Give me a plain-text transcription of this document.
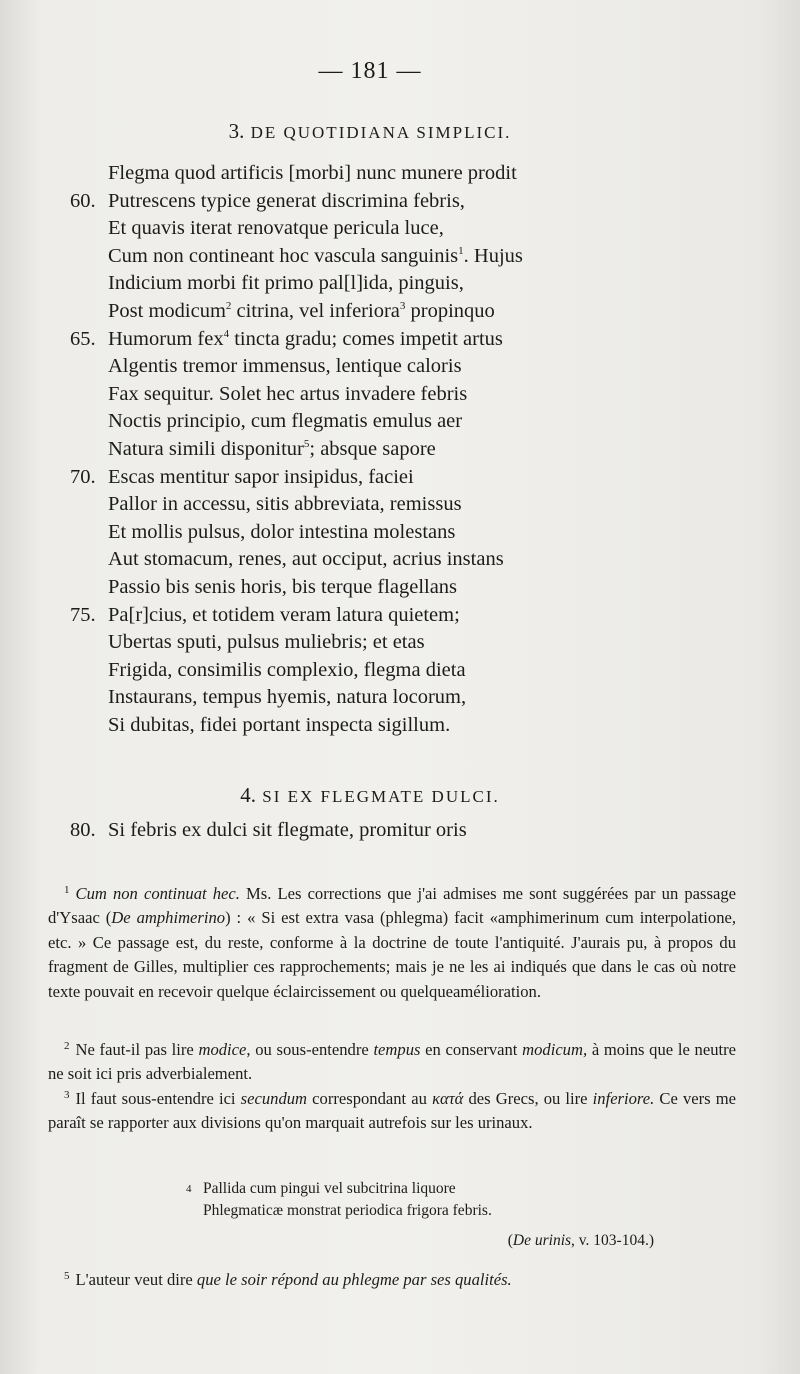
— 181 —
3. DE QUOTIDIANA SIMPLICI.
Flegma quod artificis [morbi] nunc munere prodit
60. Putrescens typice generat discrimina febris,
Et quavis iterat renovatque pericula luce,
Cum non contineant hoc vascula sanguinis$^1$. Hujus
Indicium morbi fit primo pal[l]ida, pinguis,
Post modicum$^2$ citrina, vel inferiora$^3$ propinquo
65. Humorum fex$^4$ tincta gradu; comes impetit artus
Algentis tremor immensus, lentique caloris
Fax sequitur. Solet hec artus invadere febris
Noctis principio, cum flegmatis emulus aer
Natura simili disponitur$^5$; absque sapore
70. Escas mentitur sapor insipidus, faciei
Pallor in accessu, sitis abbreviata, remissus
Et mollis pulsus, dolor intestina molestans
Aut stomacum, renes, aut occiput, acrius instans
Passio bis senis horis, bis terque flagellans
75. Pa[r]cius, et totidem veram latura quietem;
Ubertas sputi, pulsus muliebris; et etas
Frigida, consimilis complexio, flegma dieta
Instaurans, tempus hyemis, natura locorum,
Si dubitas, fidei portant inspecta sigillum.
4. SI EX FLEGMATE DULCI.
80. Si febris ex dulci sit flegmate, promitur oris
$^1$ Cum non continuat hec. Ms. Les corrections que j'ai admises me sont suggérées par un passage d'Ysaac (De amphimerino) : « Si est extra vasa (phlegma) facit «amphimerinum cum interpolatione, etc. » Ce passage est, du reste, conforme à la doctrine de toute l'antiquité. J'aurais pu, à propos du fragment de Gilles, multiplier ces rapprochements; mais je ne les ai indiqués que dans le cas où notre texte pouvait en recevoir quelque éclaircissement ou quelqueamélioration.
$^2$ Ne faut-il pas lire modice, ou sous-entendre tempus en conservant modicum, à moins que le neutre ne soit ici pris adverbialement.
$^3$ Il faut sous-entendre ici secundum correspondant au κατά des Grecs, ou lire inferiore. Ce vers me paraît se rapporter aux divisions qu'on marquait autrefois sur les urinaux.
4 Pallida cum pingui vel subcitrina liquore
Phlegmaticæ monstrat periodica frigora febris.
(De urinis, v. 103-104.)
$^5$ L'auteur veut dire que le soir répond au phlegme par ses qualités.
